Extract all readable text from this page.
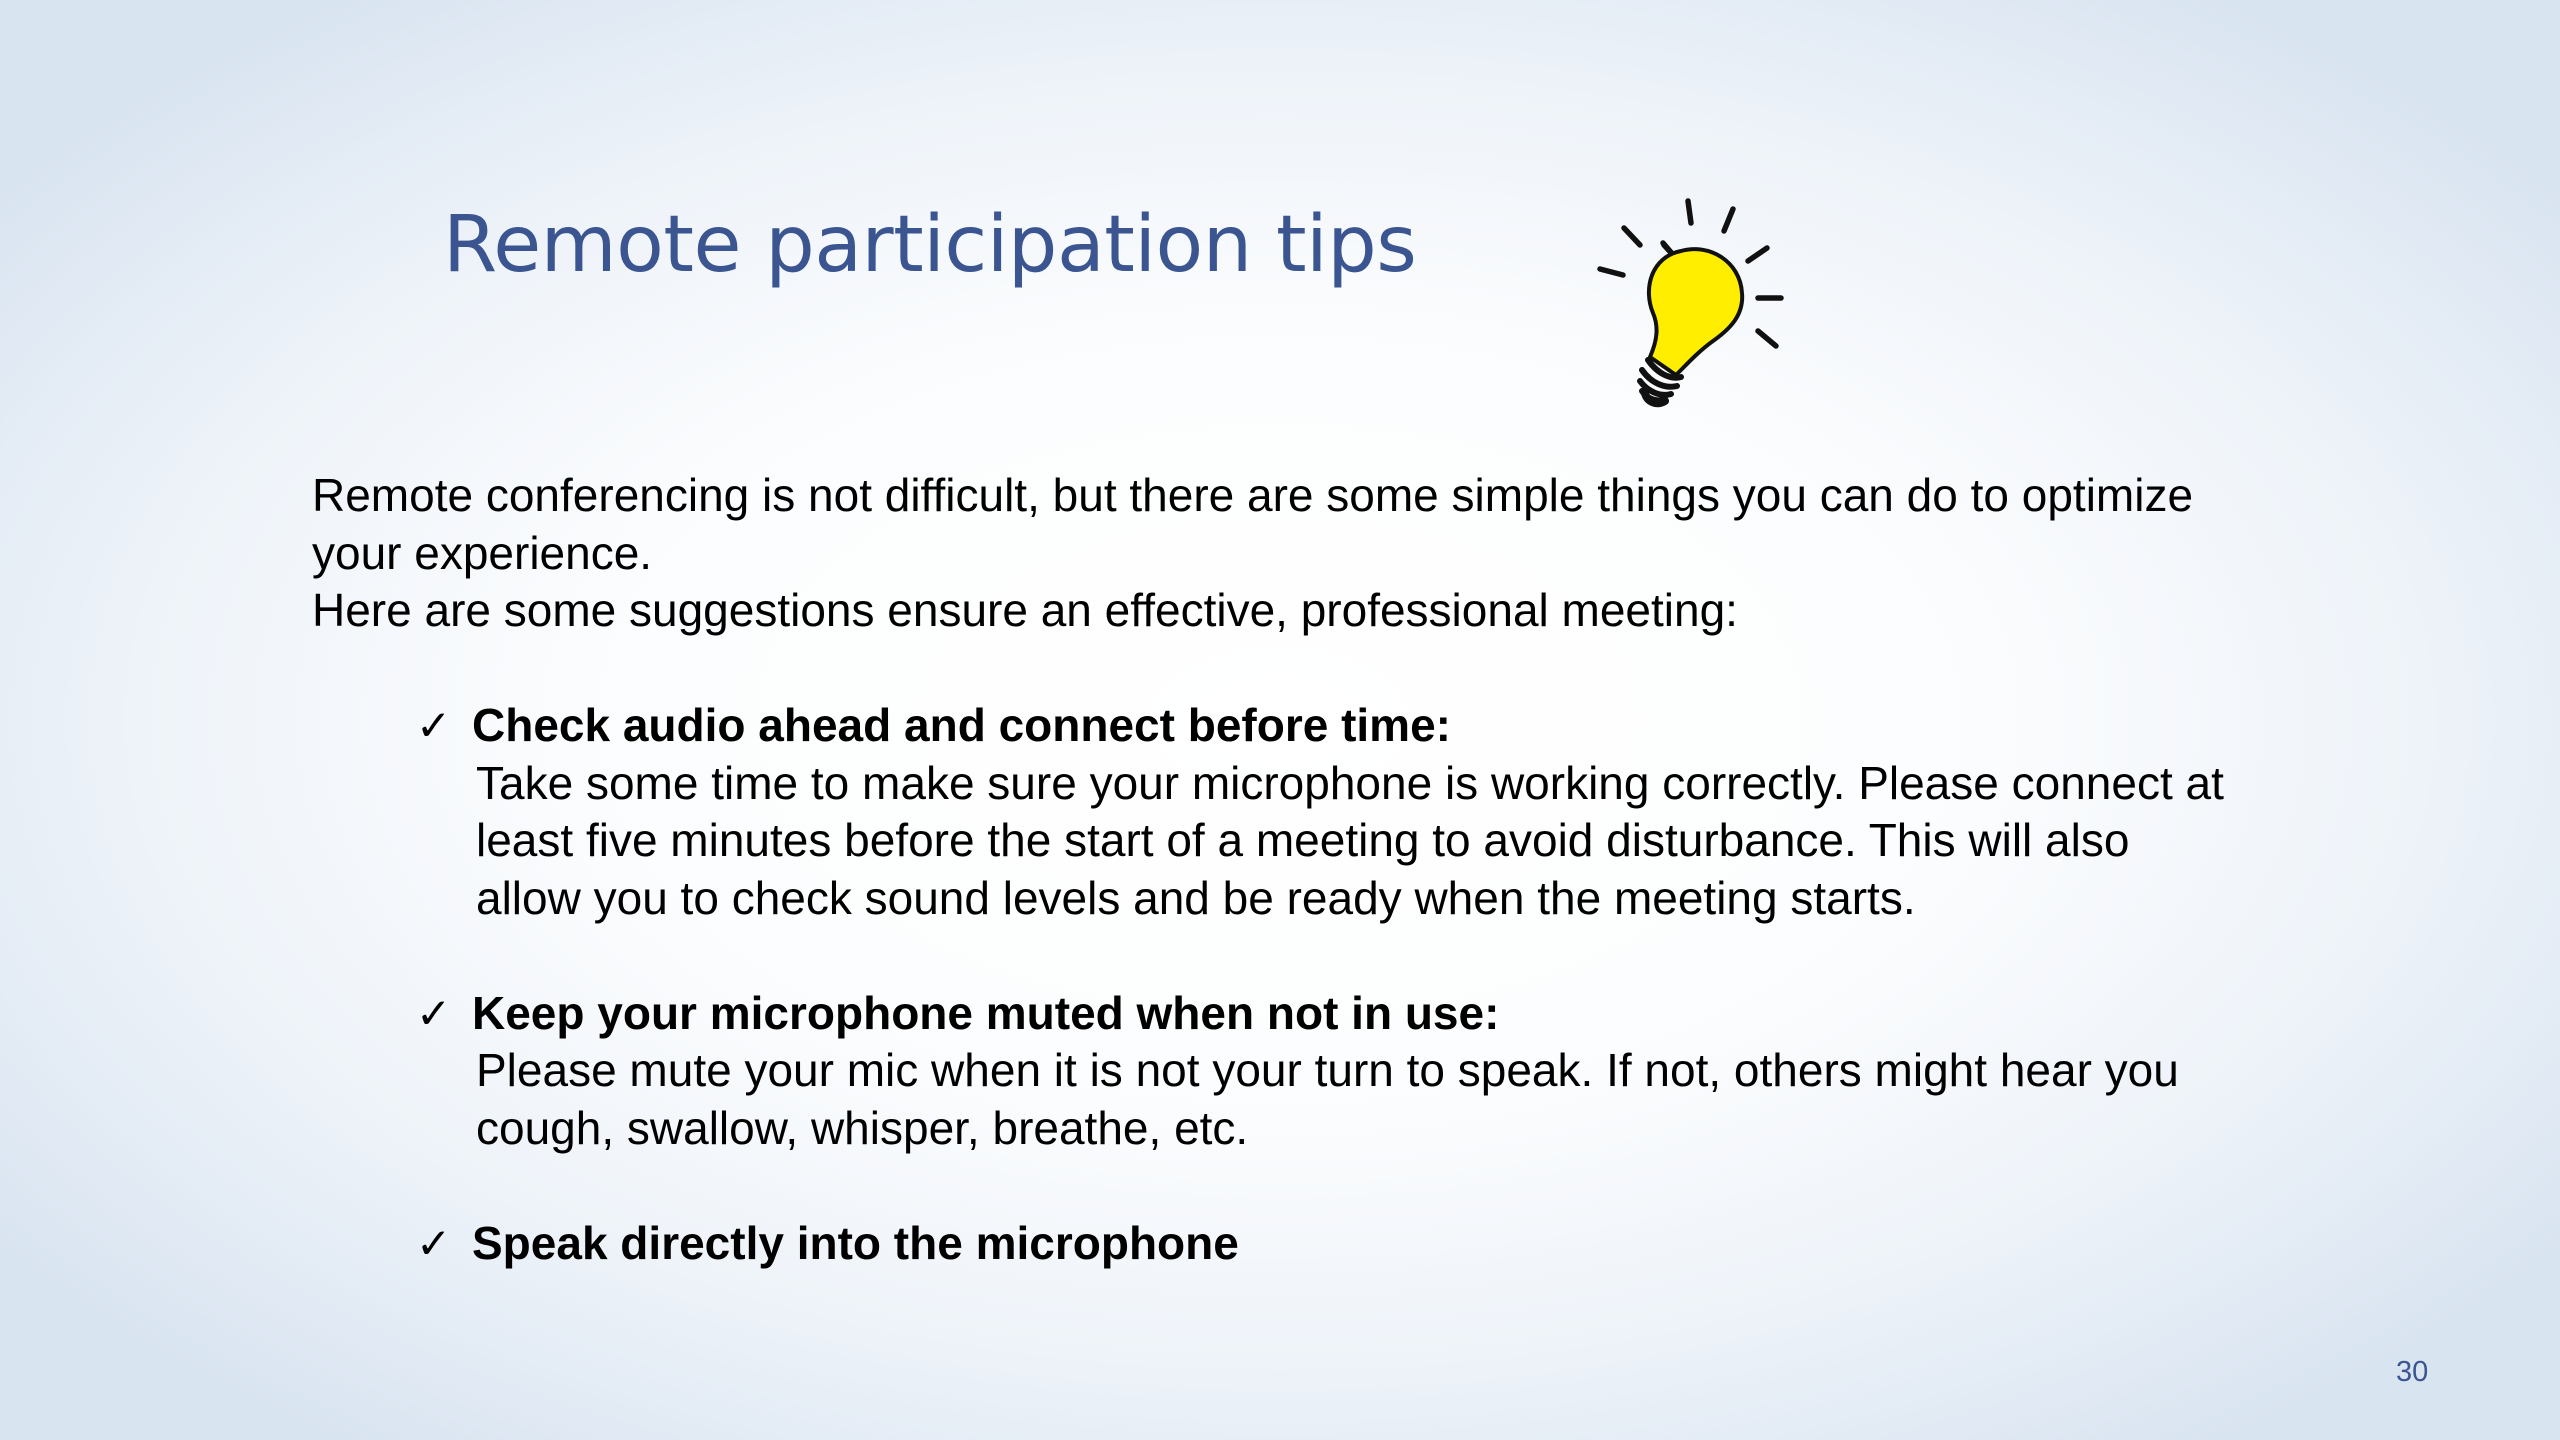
Remote participation tips

Remote conferencing is not difficult, but there are some simple things you can do to optimize your experience.

Here are some suggestions ensure an effective, professional meeting:

✓ Check audio ahead and connect before time:
Take some time to make sure your microphone is working correctly. Please connect at least five minutes before the start of a meeting to avoid disturbance. This will also allow you to check sound levels and be ready when the meeting starts.
✓ Keep your microphone muted when not in use:
Please mute your mic when it is not your turn to speak. If not, others might hear you cough, swallow, whisper, breathe, etc.
✓ Speak directly into the microphone
30
